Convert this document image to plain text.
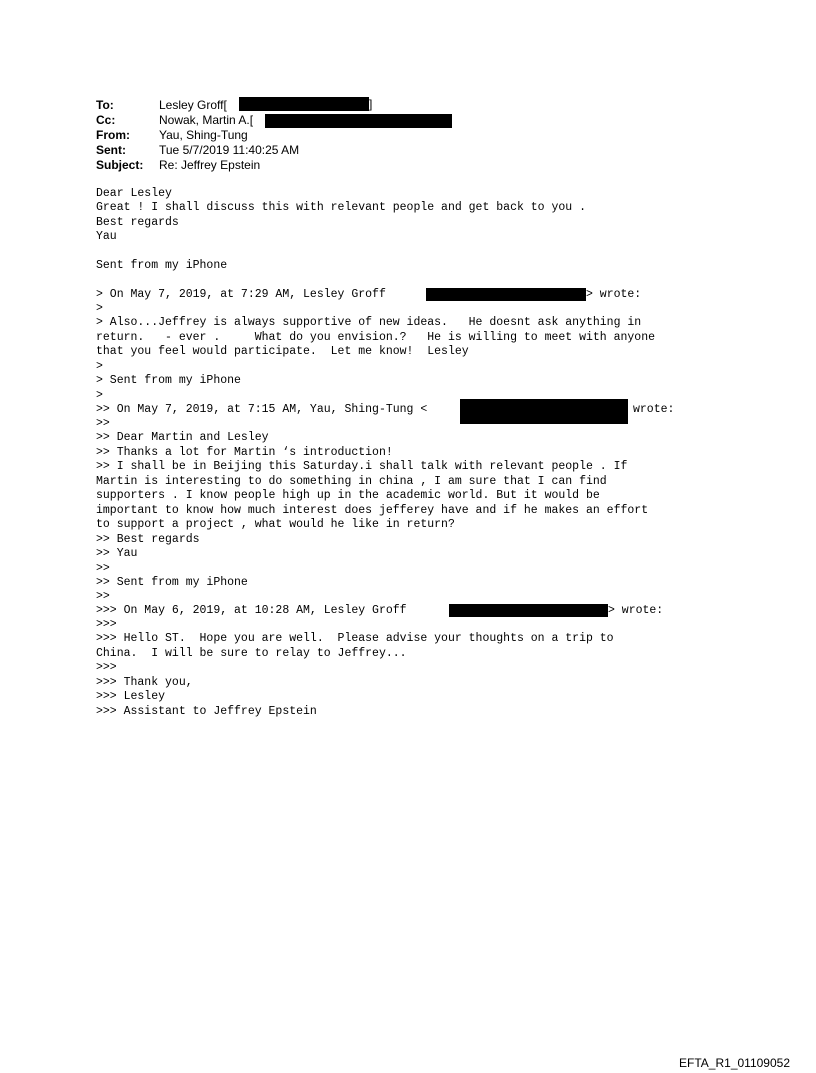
To:

	Lesley Groff[	]

Cc:

	Nowak, Martin A.[

From:

Yau, Shing-Tung

Sent:

	Tue 5/7/2019 11:40:25 AM

Subject:

Re: Jeffrey Epstein

Dear Lesley
Great ! I shall discuss this with relevant people and get back to you .
Best regards
Yau

Sent from my iPhone

> On May 7, 2019, at 7:29 AM, Lesley Groff	> wrote:
>
> Also...Jeffrey is always supportive of new ideas.   He doesnt ask anything in
return.   - ever .     What do you envision.?   He is willing to meet with anyone
that you feel would participate.  Let me know!  Lesley
>
> Sent from my iPhone
>
>> On May 7, 2019, at 7:15 AM, Yau, Shing-Tung <	wrote:
>>
>> Dear Martin and Lesley
>> Thanks a lot for Martin ‘s introduction!
>> I shall be in Beijing this Saturday.i shall talk with relevant people . If
Martin is interesting to do something in china , I am sure that I can find
supporters . I know people high up in the academic world. But it would be
important to know how much interest does jefferey have and if he makes an effort
to support a project , what would he like in return?
>> Best regards
>> Yau
>>
>> Sent from my iPhone
>>
>>> On May 6, 2019, at 10:28 AM, Lesley Groff	> wrote:
>>>
>>> Hello ST.  Hope you are well.  Please advise your thoughts on a trip to
China.  I will be sure to relay to Jeffrey...
>>>
>>> Thank you,
>>> Lesley
>>> Assistant to Jeffrey Epstein
EFTA_R1_01109052
